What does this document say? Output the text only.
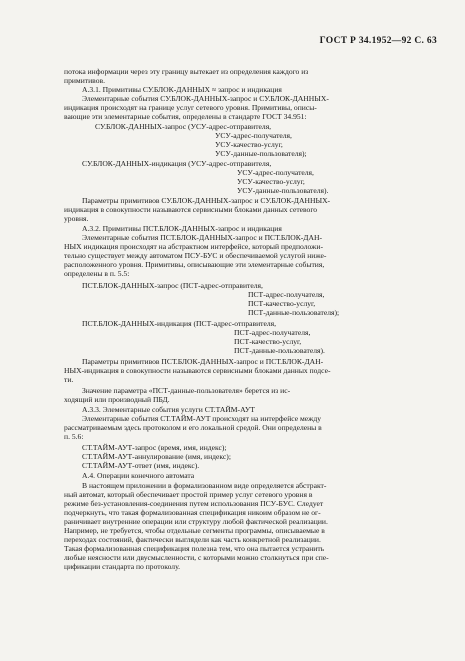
ГОСТ Р 34.1952—92 С. 63
потока информации через эту границу вытекает из определения каждого из
примитивов.
А.3.1. Примитивы СУ.БЛОК-ДАННЫХ ≈ запрос и индикация
Элементарные события СУ.БЛОК-ДАННЫХ-запрос и СУ.БЛОК-ДАННЫХ-
индикация происходят на границе услуг сетевого уровня. Примитивы, описы-
вающие эти элементарные события, определены в стандарте ГОСТ 34.951:
СУ.БЛОК-ДАННЫХ-запрос (УСУ-адрес-отправителя,
УСУ-адрес-получателя,
УСУ-качество-услуг,
УСУ-данные-пользователя);
СУ.БЛОК-ДАННЫХ-индикация (УСУ-адрес-отправителя,
УСУ-адрес-получателя,
УСУ-качество-услуг,
УСУ-данные-пользователя).
Параметры примитивов СУ.БЛОК-ДАННЫХ-запрос и СУ.БЛОК-ДАННЫХ-
индикация в совокупности называются сервисными блоками данных сетевого
уровня.
А.3.2. Примитивы ПСТ.БЛОК-ДАННЫХ-запрос и индикация
Элементарные события ПСТ.БЛОК-ДАННЫХ-запрос и ПСТ.БЛОК-ДАН-
НЫХ индикация происходят на абстрактном интерфейсе, который предположи-
тельно существует между автоматом ПСУ-БУС и обеспечиваемой услугой ниже-
расположенного уровня. Примитивы, описывающие эти элементарные события,
определены в п. 5.5:
ПСТ.БЛОК-ДАННЫХ-запрос (ПСТ-адрес-отправителя,
ПСТ-адрес-получателя,
ПСТ-качество-услуг,
ПСТ-данные-пользователя);
ПСТ.БЛОК-ДАННЫХ-индикация (ПСТ-адрес-отправителя,
ПСТ-адрес-получателя,
ПСТ-качество-услуг,
ПСТ-данные-пользователя).
Параметры примитивов ПСТ.БЛОК-ДАННЫХ-запрос и ПСТ.БЛОК-ДАН-
НЫХ-индикация в совокупности называются сервисными блоками данных подсе-
ти.
Значение параметра «ПСТ-данные-пользователя» берется из ис-
ходящий или производный ПБД.
А.3.3. Элементарные события услуги СТ.ТАЙМ-АУТ
Элементарные события СТ.ТАЙМ-АУТ происходят на интерфейсе между
рассматриваемым здесь протоколом и его локальной средой. Они определены в
п. 5.6:
СТ.ТАЙМ-АУТ-запрос (время, имя, индекс);
СТ.ТАЙМ-АУТ-аннулирование (имя, индекс);
СТ.ТАЙМ-АУТ-ответ (имя, индекс).
А.4. Операции конечного автомата
В настоящем приложении в формализованном виде определяется абстракт-
ный автомат, который обеспечивает простой пример услуг сетевого уровня в
режиме без-установления-соединения путем использования ПСУ-БУС. Следует
подчеркнуть, что такая формализованная спецификация никоим образом не ог-
раничивает внутренние операции или структуру любой фактической реализации.
Например, не требуется, чтобы отдельные сегменты программы, описываемые в
переходах состояний, фактически выглядели как часть конкретной реализации.
Такая формализованная спецификация полезна тем, что она пытается устранить
любые неясности или двусмысленности, с которыми можно столкнуться при спе-
цификации стандарта по протоколу.
